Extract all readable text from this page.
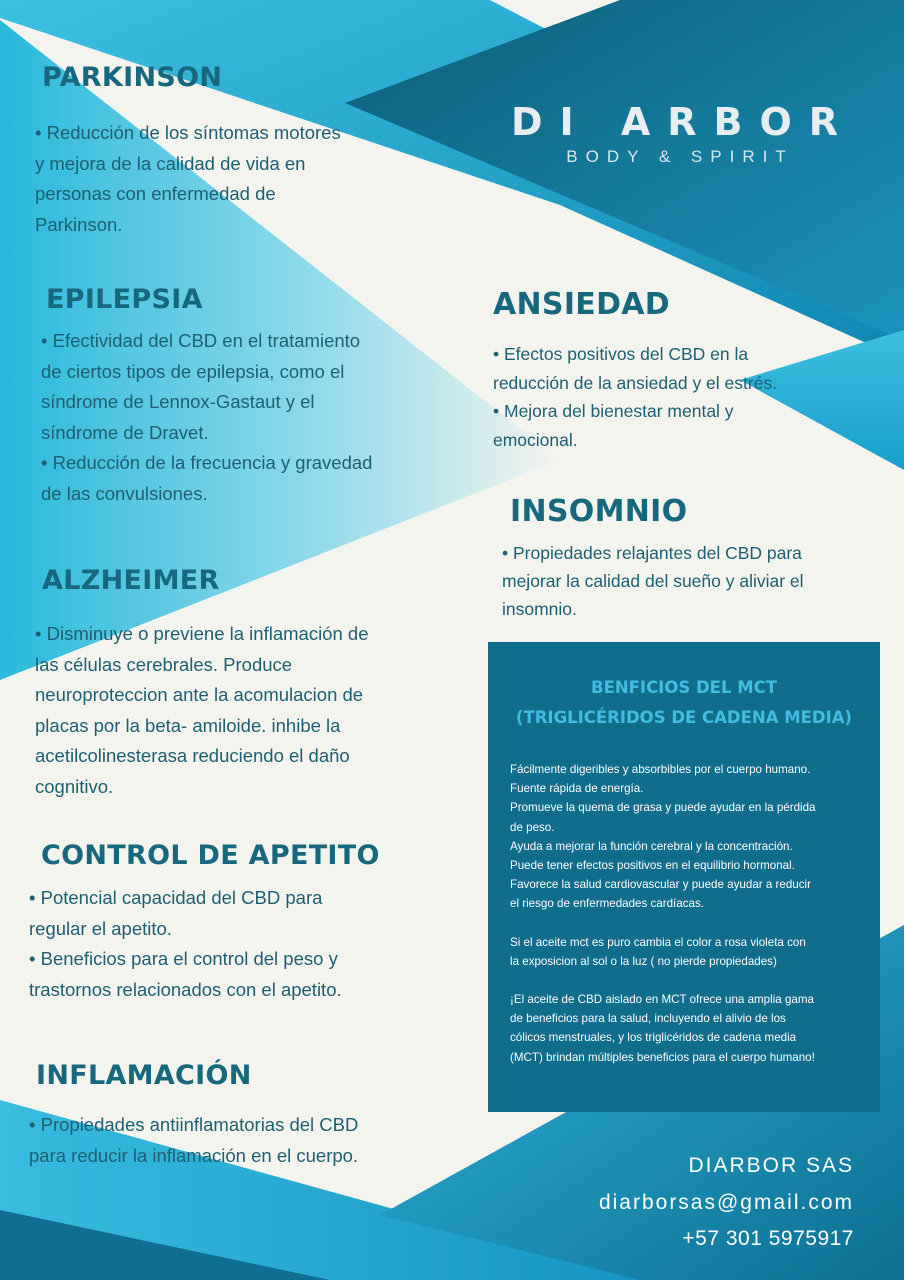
DI ARBOR
BODY & SPIRIT
PARKINSON

• Reducción de los síntomas motores

y mejora de la calidad de vida en

personas con enfermedad de

Parkinson.

EPILEPSIA

• Efectividad del CBD en el tratamiento

de ciertos tipos de epilepsia, como el

síndrome de Lennox-Gastaut y el

síndrome de Dravet.

• Reducción de la frecuencia y gravedad

de las convulsiones.

ALZHEIMER

• Disminuye o previene la inflamación de

las células cerebrales. Produce

neuroproteccion ante la acomulacion de

placas por la beta- amiloide. inhibe la

acetilcolinesterasa reduciendo el daño

cognitivo.

CONTROL DE APETITO

• Potencial capacidad del CBD para

regular el apetito.

• Beneficios para el control del peso y

trastornos relacionados con el apetito.

INFLAMACIÓN

• Propiedades antiinflamatorias del CBD

para reducir la inflamación en el cuerpo.

ANSIEDAD

• Efectos positivos del CBD en la

reducción de la ansiedad y el estrés.

• Mejora del bienestar mental y

emocional.

INSOMNIO

• Propiedades relajantes del CBD para

mejorar la calidad del sueño y aliviar el

insomnio.

BENFICIOS DEL MCT
(TRIGLICÉRIDOS DE CADENA MEDIA)

Fácilmente digeribles y absorbibles por el cuerpo humano.

Fuente rápida de energía.

Promueve la quema de grasa y puede ayudar en la pérdida

de peso.

Ayuda a mejorar la función cerebral y la concentración.

Puede tener efectos positivos en el equilibrio hormonal.

Favorece la salud cardiovascular y puede ayudar a reducir

el riesgo de enfermedades cardíacas.

Si el aceite mct es puro cambia el color a rosa violeta con

la exposicion al sol o la luz ( no pierde propiedades)

¡El aceite de CBD aislado en MCT ofrece una amplia gama

de beneficios para la salud, incluyendo el alivio de los

cólicos menstruales, y los triglicéridos de cadena media

(MCT) brindan múltiples beneficios para el cuerpo humano!

DIARBOR SAS
diarborsas@gmail.com
+57 301 5975917
